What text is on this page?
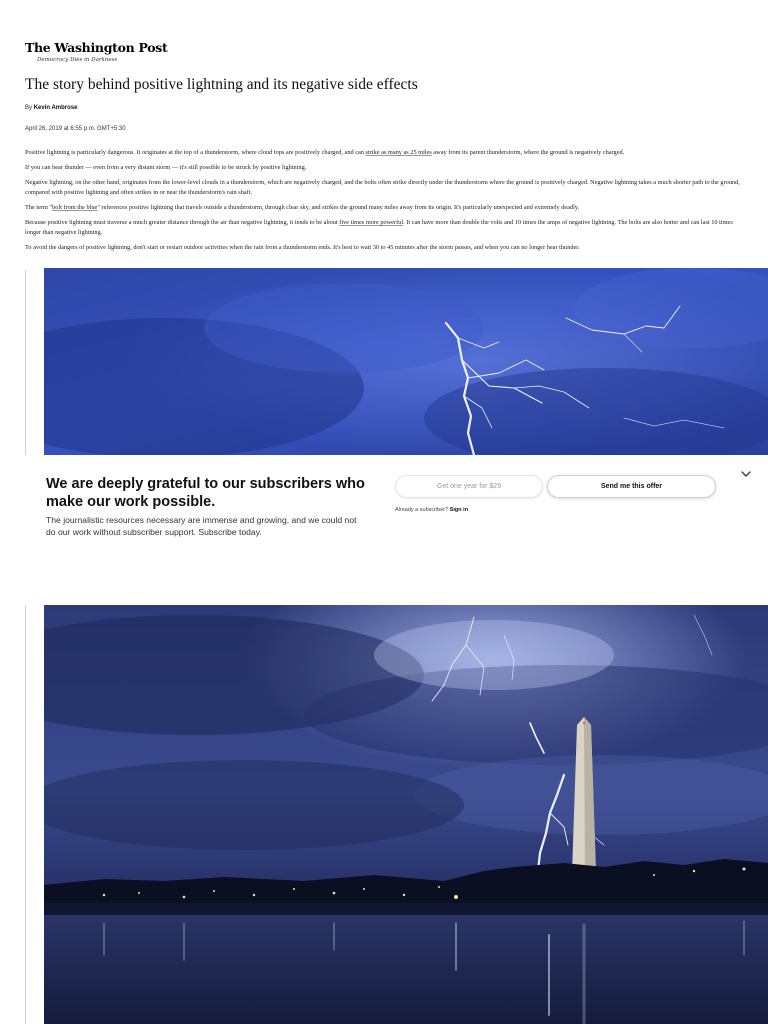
The Washington Post
Democracy Dies in Darkness
The story behind positive lightning and its negative side effects
By Kevin Ambrose
April 26, 2019 at 6:55 p.m. GMT+5:30

Positive lightning is particularly dangerous. It originates at the top of a thunderstorm, where cloud tops are positively charged, and can strike as many as 25 miles away from its parent thunderstorm, where the ground is negatively charged.

If you can hear thunder — even from a very distant storm — it's still possible to be struck by positive lightning.

Negative lightning, on the other hand, originates from the lower-level clouds in a thunderstorm, which are negatively charged, and the bolts often strike directly under the thunderstorm where the ground is positively charged. Negative lightning takes a much shorter path to the ground, compared with positive lightning and often strikes in or near the thunderstorm's rain shaft.

The term "bolt from the blue" references positive lightning that travels outside a thunderstorm, through clear sky, and strikes the ground many miles away from its origin. It's particularly unexpected and extremely deadly.

Because positive lightning must traverse a much greater distance through the air than negative lightning, it tends to be about five times more powerful. It can have more than double the volts and 10 times the amps of negative lightning. The bolts are also hotter and can last 10 times longer than negative lightning.

To avoid the dangers of positive lightning, don't start or restart outdoor activities when the rain from a thunderstorm ends. It's best to wait 30 to 45 minutes after the storm passes, and when you can no longer hear thunder.

We are deeply grateful to our subscribers who make our work possible.
The journalistic resources necessary are immense and growing, and we could not do our work without subscriber support. Subscribe today.
Get one year for $29	Send me this offer
Already a subscriber? Sign in
